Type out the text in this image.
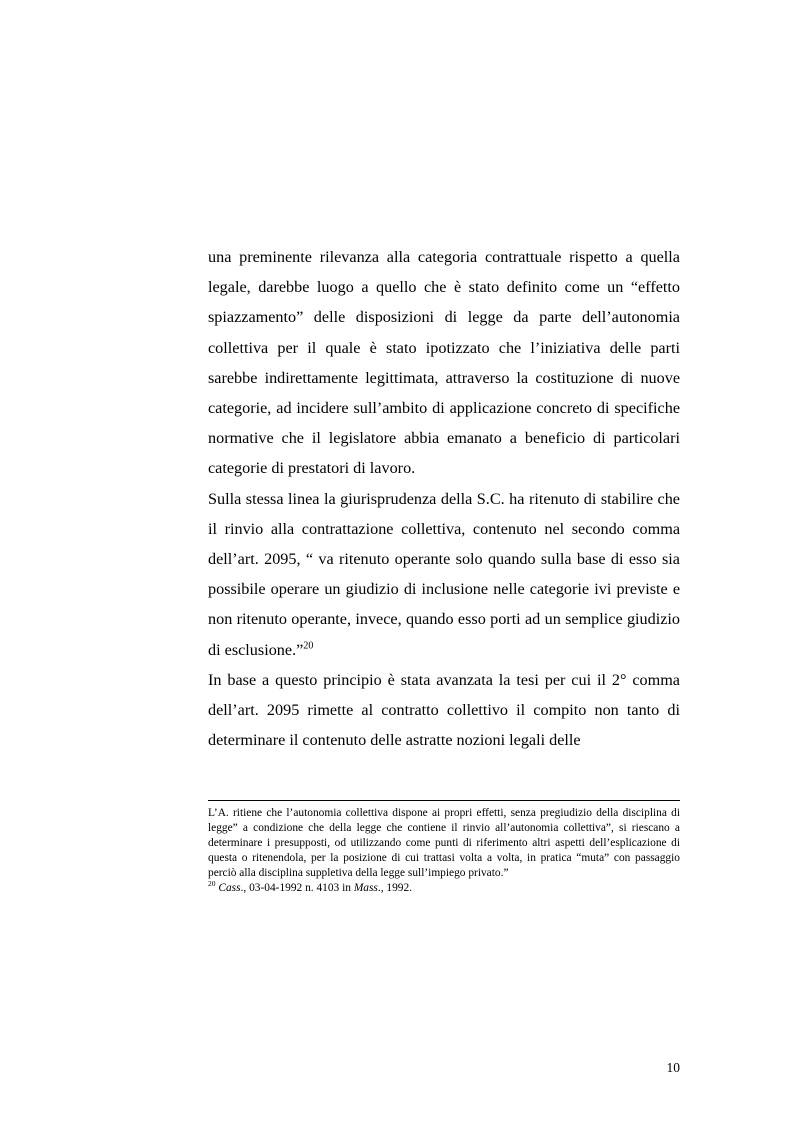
una preminente rilevanza alla categoria contrattuale rispetto a quella legale, darebbe luogo a quello che è stato definito come un “effetto spiazzamento” delle disposizioni di legge da parte dell’autonomia collettiva per il quale è stato ipotizzato che l’iniziativa delle parti sarebbe indirettamente legittimata, attraverso la costituzione di nuove categorie, ad incidere sull’ambito di applicazione concreto di specifiche normative che il legislatore abbia emanato a beneficio di particolari categorie di prestatori di lavoro.

Sulla stessa linea la giurisprudenza della S.C. ha ritenuto di stabilire che il rinvio alla contrattazione collettiva, contenuto nel secondo comma dell’art. 2095, “ va ritenuto operante solo quando sulla base di esso sia possibile operare un giudizio di inclusione nelle categorie ivi previste e non ritenuto operante, invece, quando esso porti ad un semplice giudizio di esclusione.”$^{20}$

In base a questo principio è stata avanzata la tesi per cui il 2° comma dell’art. 2095 rimette al contratto collettivo il compito non tanto di determinare il contenuto delle astratte nozioni legali delle

L’A. ritiene che l’autonomia collettiva dispone ai propri effetti, senza pregiudizio della disciplina di legge” a condizione che della legge che contiene il rinvio all’autonomia collettiva”, si riescano a determinare i presupposti, od utilizzando come punti di riferimento altri aspetti dell’esplicazione di questa o ritenendola, per la posizione di cui trattasi volta a volta, in pratica “muta” con passaggio perciò alla disciplina suppletiva della legge sull’impiego privato.”

$^{20}$ Cass., 03-04-1992 n. 4103 in Mass., 1992.

10
